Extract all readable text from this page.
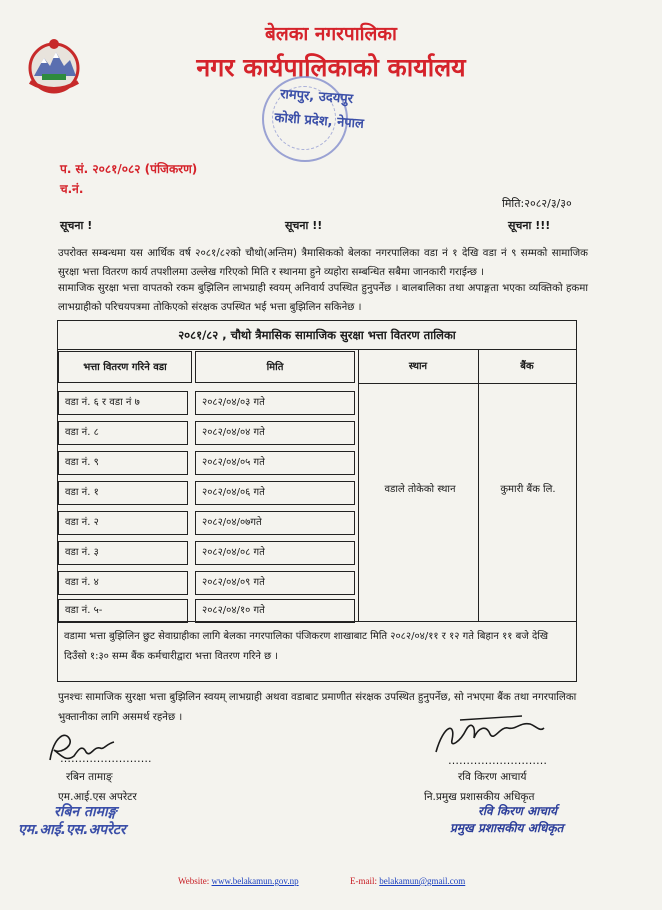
बेलका नगरपालिका
नगर कार्यपालिकाको कार्यालय
रामपुर, उदयपुर
कोशी प्रदेश, नेपाल
प. सं. २०८१/०८२ (पंजिकरण)
च.नं.
मिति:२०८२/३/३०
सूचना !	सूचना !!	सूचना !!!
उपरोक्त सम्बन्धमा यस आर्थिक वर्ष २०८१/८२को चौथो(अन्तिम) त्रैमासिकको बेलका नगरपालिका वडा नं १ देखि वडा नं ९ सम्मको सामाजिक सुरक्षा भत्ता वितरण कार्य तपशीलमा उल्लेख गरिएको मिति र स्थानमा हुने व्यहोरा सम्बन्धित सबैमा जानकारी गराईन्छ ।
सामाजिक सुरक्षा भत्ता वापतको रकम बुझिलिन लाभग्राही स्वयम् अनिवार्य उपस्थित हुनुपर्नेछ । बालबालिका तथा अपाङ्गता भएका व्यक्तिको हकमा लाभग्राहीको परिचयपत्रमा तोकिएको संरक्षक उपस्थित भई भत्ता बुझिलिन सकिनेछ ।
२०८१/८२ , चौथो त्रैमासिक सामाजिक सुरक्षा भत्ता वितरण तालिका
भत्ता वितरण गरिने वडा	मिति	स्थान	बैंक
वडा नं. ६ र वडा नं ७	२०८२/०४/०३ गते
वडा नं. ८	२०८२/०४/०४ गते
वडा नं. ९	२०८२/०४/०५ गते
वडा नं. १	२०८२/०४/०६ गते
वडा नं. २	२०८२/०४/०७गते
वडा नं. ३	२०८२/०४/०८ गते
वडा नं. ४	२०८२/०४/०९ गते
वडा नं. ५-	२०८२/०४/१० गते
वडाले तोकेको स्थान	कुमारी बैंक लि.
वडामा भत्ता बुझिलिन छुट सेवाग्राहीका लागि बेलका नगरपालिका पंजिकरण शाखाबाट मिति २०८२/०४/११ र १२ गते बिहान ११ बजे देखि दिउँसो १:३० सम्म बैंक कर्मचारीद्वारा भत्ता वितरण गरिने छ ।
पुनश्चः सामाजिक सुरक्षा भत्ता बुझिलिन स्वयम् लाभग्राही अथवा वडाबाट प्रमाणीत संरक्षक उपस्थित हुनुपर्नेछ, सो नभएमा बैंक तथा नगरपालिका भुक्तानीका लागि असमर्थ रहनेछ ।
…………………….
रबिन तामाङ्
एम.आई.एस अपरेटर
रबिन तामाङ्ग
एम.आई.एस.अपरेटर
………………………
रवि किरण आचार्य
नि.प्रमुख प्रशासकीय अधिकृत
रवि किरण आचार्य
प्रमुख प्रशासकीय अधिकृत
Website: www.belakamun.gov.np	E-mail: belakamun@gmail.com
